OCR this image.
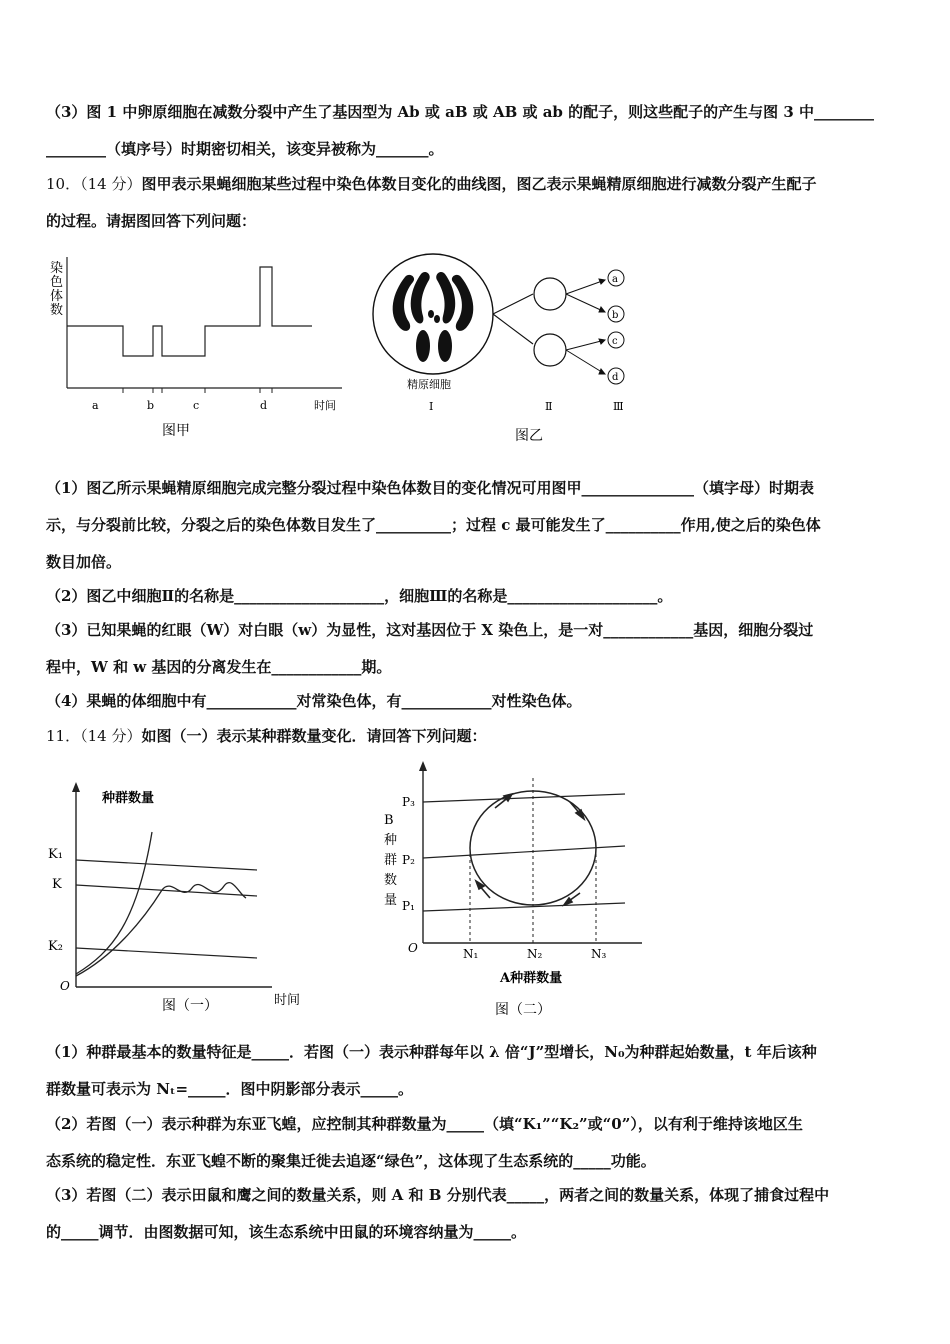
（3）图 1 中卵原细胞在减数分裂中产生了基因型为 Ab 或 aB 或 AB 或 ab 的配子，则这些配子的产生与图 3 中________
________（填序号）时期密切相关，该变异被称为_______。
10．（14 分）图甲表示果蝇细胞某些过程中染色体数目变化的曲线图，图乙表示果蝇精原细胞进行减数分裂产生配子
的过程。请据图回答下列问题：
染
色
体
数
a	b	c	d	时间
图甲
精原细胞
Ⅰ
a
b
c
d
Ⅱ	Ⅲ
图乙
（1）图乙所示果蝇精原细胞完成完整分裂过程中染色体数目的变化情况可用图甲_______________（填字母）时期表
示，与分裂前比较，分裂之后的染色体数目发生了__________；过程 c 最可能发生了__________作用,使之后的染色体
数目加倍。
（2）图乙中细胞Ⅱ的名称是____________________，细胞Ⅲ的名称是____________________。
（3）已知果蝇的红眼（W）对白眼（w）为显性，这对基因位于 X 染色上，是一对____________基因，细胞分裂过
程中，W 和 w 基因的分离发生在____________期。
（4）果蝇的体细胞中有____________对常染色体，有____________对性染色体。
11．（14 分）如图（一）表示某种群数量变化．请回答下列问题：
种群数量
K₁
K
K₂
O
图（一）	时间
B
种
群
数
量
P₃
P₂
P₁
O	N₁	N₂	N₃
A种群数量
图（二）
（1）种群最基本的数量特征是_____．若图（一）表示种群每年以 λ 倍“J”型增长，N₀为种群起始数量，t 年后该种
群数量可表示为 Nₜ=_____．图中阴影部分表示_____。
（2）若图（一）表示种群为东亚飞蝗，应控制其种群数量为_____（填“K₁”“K₂”或“0”），以有利于维持该地区生
态系统的稳定性．东亚飞蝗不断的聚集迁徙去追逐“绿色”，这体现了生态系统的_____功能。
（3）若图（二）表示田鼠和鹰之间的数量关系，则 A 和 B 分别代表_____，两者之间的数量关系，体现了捕食过程中
的_____调节．由图数据可知，该生态系统中田鼠的环境容纳量为_____。
